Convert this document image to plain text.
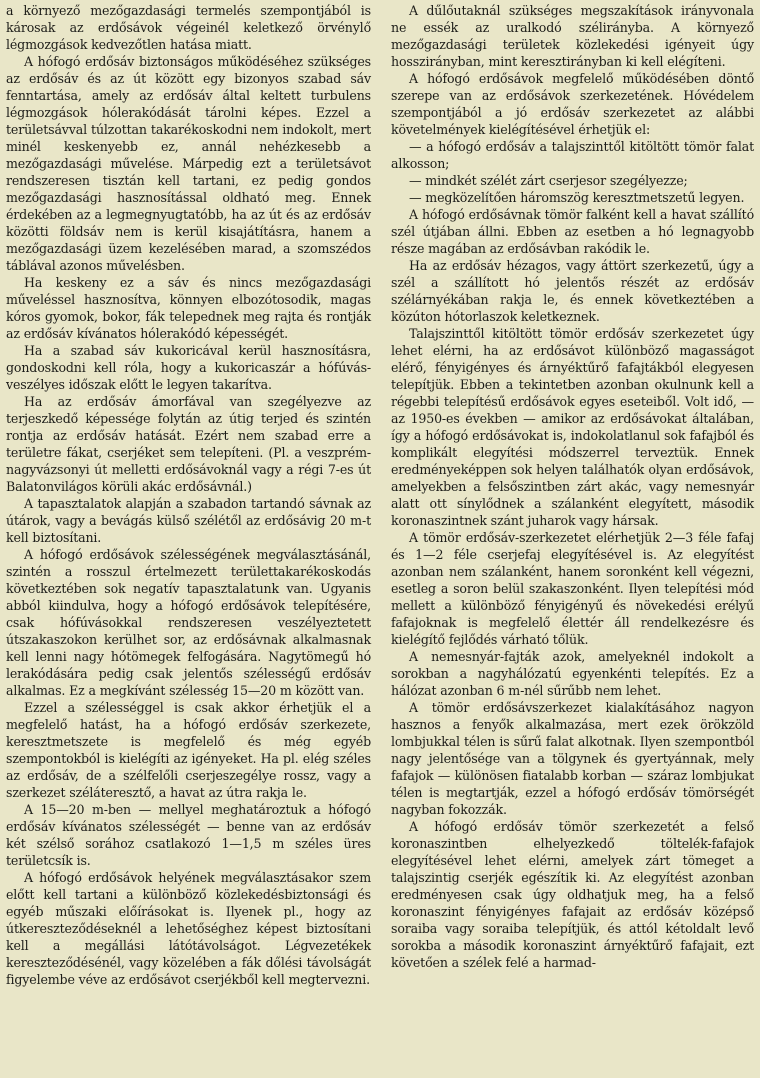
a környező mezőgazdasági termelés szempontjából is károsak az erdősávok végeinél keletkező örvénylő légmozgások kedvezőtlen hatása miatt.

A hófogó erdősáv biztonságos működéséhez szükséges az erdősáv és az út között egy bizonyos szabad sáv fenntartása, amely az erdősáv által keltett turbulens légmozgások hólerakódását tárolni képes. Ezzel a területsávval túlzottan takarékoskodni nem indokolt, mert minél keskenyebb ez, annál nehézkesebb a mezőgazdasági művelése. Márpedig ezt a területsávot rendszeresen tisztán kell tartani, ez pedig gondos mezőgazdasági hasznosítással oldható meg. Ennek érdekében az a legmegnyugtatóbb, ha az út és az erdősáv közötti földsáv nem is kerül kisajátításra, hanem a mezőgazdasági üzem kezelésében marad, a szomszédos táblával azonos művelésben.

Ha keskeny ez a sáv és nincs mezőgazdasági műveléssel hasznosítva, könnyen elbozótosodik, magas kóros gyomok, bokor, fák telepednek meg rajta és rontják az erdősáv kívánatos hólerakódó képességét.

Ha a szabad sáv kukoricával kerül hasznosításra, gondoskodni kell róla, hogy a kukoricaszár a hófúvás-veszélyes időszak előtt le legyen takarítva.

Ha az erdősáv ámorfával van szegélyezve az terjeszkedő képessége folytán az útig terjed és szintén rontja az erdősáv hatását. Ezért nem szabad erre a területre fákat, cserjéket sem telepíteni. (Pl. a veszprém-nagyvázsonyi út melletti erdősávoknál vagy a régi 7-es út Balatonvilágos körüli akác erdősávnál.)

A tapasztalatok alapján a szabadon tartandó sávnak az útárok, vagy a bevágás külső szélétől az erdősávig 20 m-t kell biztosítani.

A hófogó erdősávok szélességének megválasztásánál, szintén a rosszul értelmezett területtakarékoskodás következtében sok negatív tapasztalatunk van. Ugyanis abból kiindulva, hogy a hófogó erdősávok telepítésére, csak hófúvásokkal rendszeresen veszélyeztetett útszakaszokon kerülhet sor, az erdősávnak alkalmasnak kell lenni nagy hótömegek felfogására. Nagytömegű hó lerakódására pedig csak jelentős szélességű erdősáv alkalmas. Ez a megkívánt szélesség 15—20 m között van.

Ezzel a szélességgel is csak akkor érhetjük el a megfelelő hatást, ha a hófogó erdősáv szerkezete, keresztmetszete is megfelelő és még egyéb szempontokból is kielégíti az igényeket. Ha pl. elég széles az erdősáv, de a szélfelőli cserjeszegélye rossz, vagy a szerkezet széláteresztő, a havat az útra rakja le.

A 15—20 m-ben — mellyel meghatároztuk a hófogó erdősáv kívánatos szélességét — benne van az erdősáv két szélső sorához csatlakozó 1—1,5 m széles üres területcsík is.

A hófogó erdősávok helyének megválasztásakor szem előtt kell tartani a különböző közlekedésbiztonsági és egyéb műszaki előírásokat is. Ilyenek pl., hogy az útkereszteződéseknél a lehetőséghez képest biztosítani kell a megállási látótávolságot. Légvezetékek kereszteződésénél, vagy közelében a fák dőlési távolságát figyelembe véve az erdősávot cserjékből kell megtervezni.

A dűlőutaknál szükséges megszakítások irányvonala ne essék az uralkodó szélirányba. A környező mezőgazdasági területek közlekedési igényeit úgy hosszirányban, mint keresztirányban ki kell elégíteni.

A hófogó erdősávok megfelelő működésében döntő szerepe van az erdősávok szerkezetének. Hóvédelem szempontjából a jó erdősáv szerkezetet az alábbi követelmények kielégítésével érhetjük el:

— a hófogó erdősáv a talajszinttől kitöltött tömör falat alkosson;

— mindkét szélét zárt cserjesor szegélyezze;

— megközelítően háromszög keresztmetszetű legyen.

A hófogó erdősávnak tömör falként kell a havat szállító szél útjában állni. Ebben az esetben a hó legnagyobb része magában az erdősávban rakódik le.

Ha az erdősáv hézagos, vagy áttört szerkezetű, úgy a szél a szállított hó jelentős részét az erdősáv szélárnyékában rakja le, és ennek következtében a közúton hótorlaszok keletkeznek.

Talajszinttől kitöltött tömör erdősáv szerkezetet úgy lehet elérni, ha az erdősávot különböző magasságot elérő, fényigényes és árnyéktűrő fafajtákból elegyesen telepítjük. Ebben a tekintetben azonban okulnunk kell a régebbi telepítésű erdősávok egyes eseteiből. Volt idő, — az 1950-es években — amikor az erdősávokat általában, így a hófogó erdősávokat is, indokolatlanul sok fafajból és komplikált elegyítési módszerrel terveztük. Ennek eredményeképpen sok helyen találhatók olyan erdősávok, amelyekben a felsőszintben zárt akác, vagy nemesnyár alatt ott sínylődnek a szálanként elegyített, második koronaszintnek szánt juharok vagy hársak.

A tömör erdősáv-szerkezetet elérhetjük 2—3 féle fafaj és 1—2 féle cserjefaj elegyítésével is. Az elegyítést azonban nem szálanként, hanem soronként kell végezni, esetleg a soron belül szakaszonként. Ilyen telepítési mód mellett a különböző fényigényű és növekedési erélyű fafajoknak is megfelelő élettér áll rendelkezésre és kielégítő fejlődés várható tőlük.

A nemesnyár-fajták azok, amelyeknél indokolt a sorokban a nagyhálózatú egyenkénti telepítés. Ez a hálózat azonban 6 m-nél sűrűbb nem lehet.

A tömör erdősávszerkezet kialakításához nagyon hasznos a fenyők alkalmazása, mert ezek örökzöld lombjukkal télen is sűrű falat alkotnak. Ilyen szempontból nagy jelentősége van a tölgynek és gyertyánnak, mely fafajok — különösen fiatalabb korban — száraz lombjukat télen is megtartják, ezzel a hófogó erdősáv tömörségét nagyban fokozzák.

A hófogó erdősáv tömör szerkezetét a felső koronaszintben elhelyezkedő töltelék-fafajok elegyítésével lehet elérni, amelyek zárt tömeget a talajszintig cserjék egészítik ki. Az elegyítést azonban eredményesen csak úgy oldhatjuk meg, ha a felső koronaszint fényigényes fafajait az erdősáv középső soraiba vagy soraiba telepítjük, és attól kétoldalt levő sorokba a második koronaszint árnyéktűrő fafajait, ezt követően a szélek felé a harmad-
